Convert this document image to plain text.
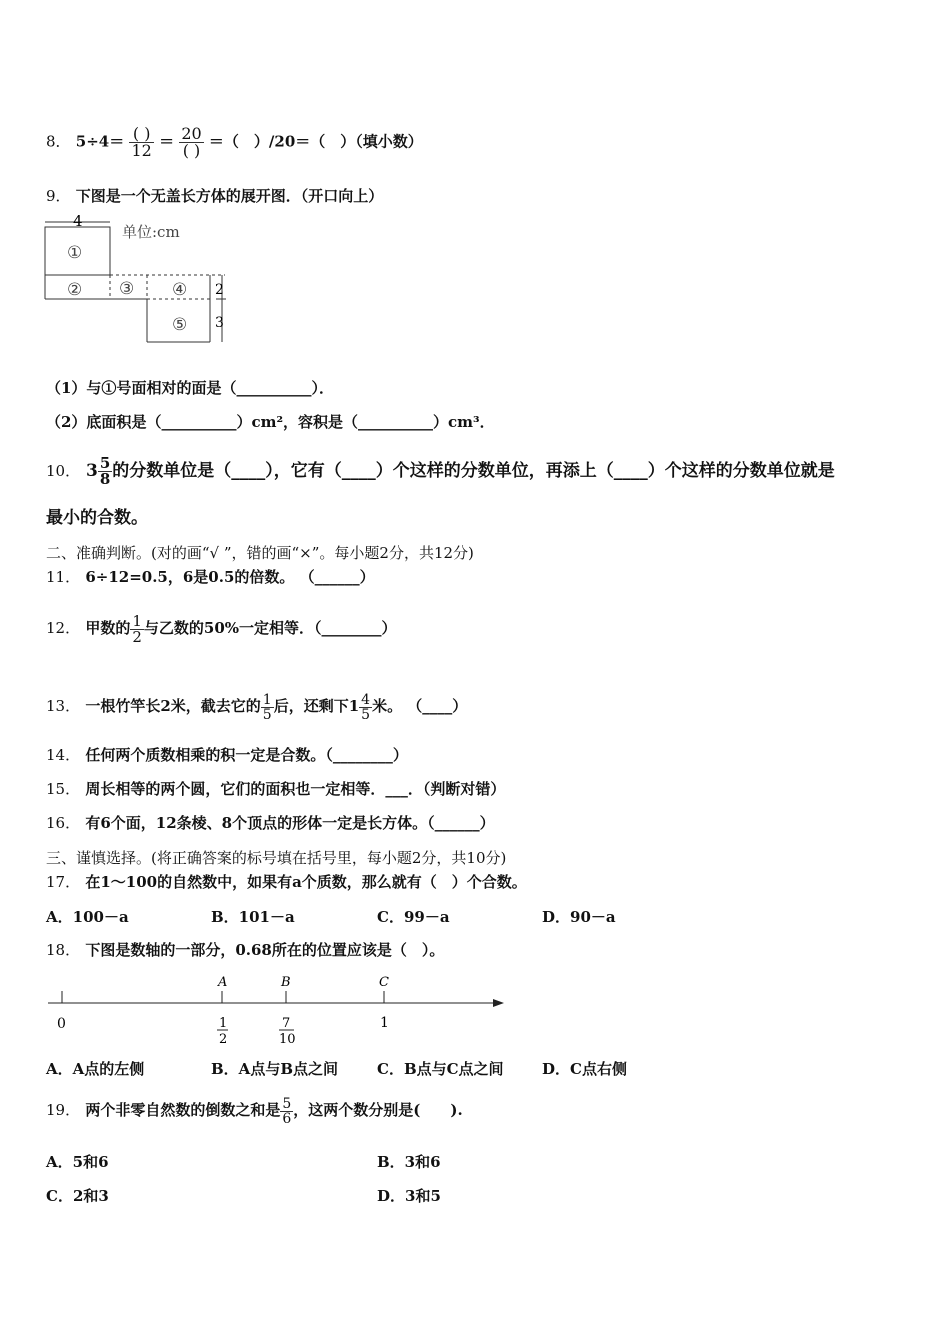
8． $5\div 4= \frac{( )}{12} = \frac{20}{( )}$ ＝（　）/20＝（　）（填小数）
9． 下图是一个无盖长方体的展开图．（开口向上）
4
单位:cm
①
② ③ ④
⑤
2
3
（1）与①号面相对的面是（__________）．
（2）底面积是（__________）cm²，容积是（__________）cm³．
10． $3 \frac{5}{8}$ 的分数单位是（____），它有（____）个这样的分数单位，再添上（____）个这样的分数单位就是
最小的合数。
二、准确判断。(对的画“√ ”，错的画“×”。每小题2分，共12分)
11． 6÷12=0.5，6是0.5的倍数。 （______）
12． 甲数的 $\frac{1}{2}$ 与乙数的50%一定相等．（________）
13． 一根竹竿长2米，截去它的 $\frac{1}{5}$ 后，还剩下$1 \frac{4}{5}$ 米。 （____）
14． 任何两个质数相乘的积一定是合数。（________）
15． 周长相等的两个圆，它们的面积也一定相等．___．（判断对错）
16． 有6个面，12条棱、8个顶点的形体一定是长方体。（______）
三、谨慎选择。(将正确答案的标号填在括号里，每小题2分，共10分)
17． 在1～100的自然数中，如果有a个质数，那么就有（　）个合数。
A．100－a	B．101－a	C．99－a	D．90－a
18． 下图是数轴的一部分，0.68所在的位置应该是（　）。
A	B	C
0	1
2
7
10
1
A．A点的左侧	B．A点与B点之间	C．B点与C点之间	D．C点右侧
19． 两个非零自然数的倒数之和是 $\frac{5}{6}$ ，这两个数分别是(　　).
A．5和6	B．3和6
C．2和3	D．3和5
